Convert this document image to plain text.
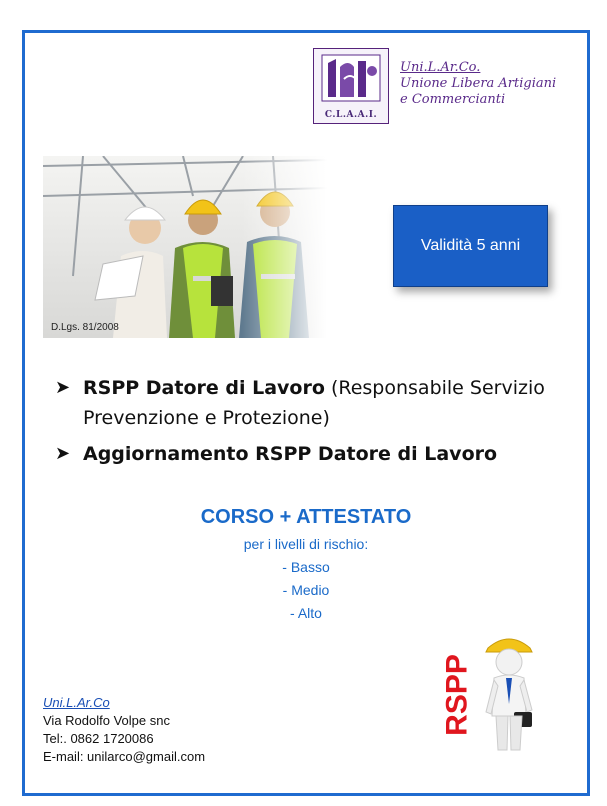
C.L.A.A.I.
Uni.L.Ar.Co.
Unione Libera Artigiani
e Commercianti
D.Lgs. 81/2008
Validità 5 anni
➤ RSPP Datore di Lavoro (Responsabile Servizio Prevenzione e Protezione)
➤ Aggiornamento RSPP Datore di Lavoro
CORSO + ATTESTATO
per i livelli di rischio:
- Basso
- Medio
- Alto
Uni.L.Ar.Co
Via Rodolfo Volpe snc
Tel:. 0862 1720086
E-mail: unilarco@gmail.com
RSPP
